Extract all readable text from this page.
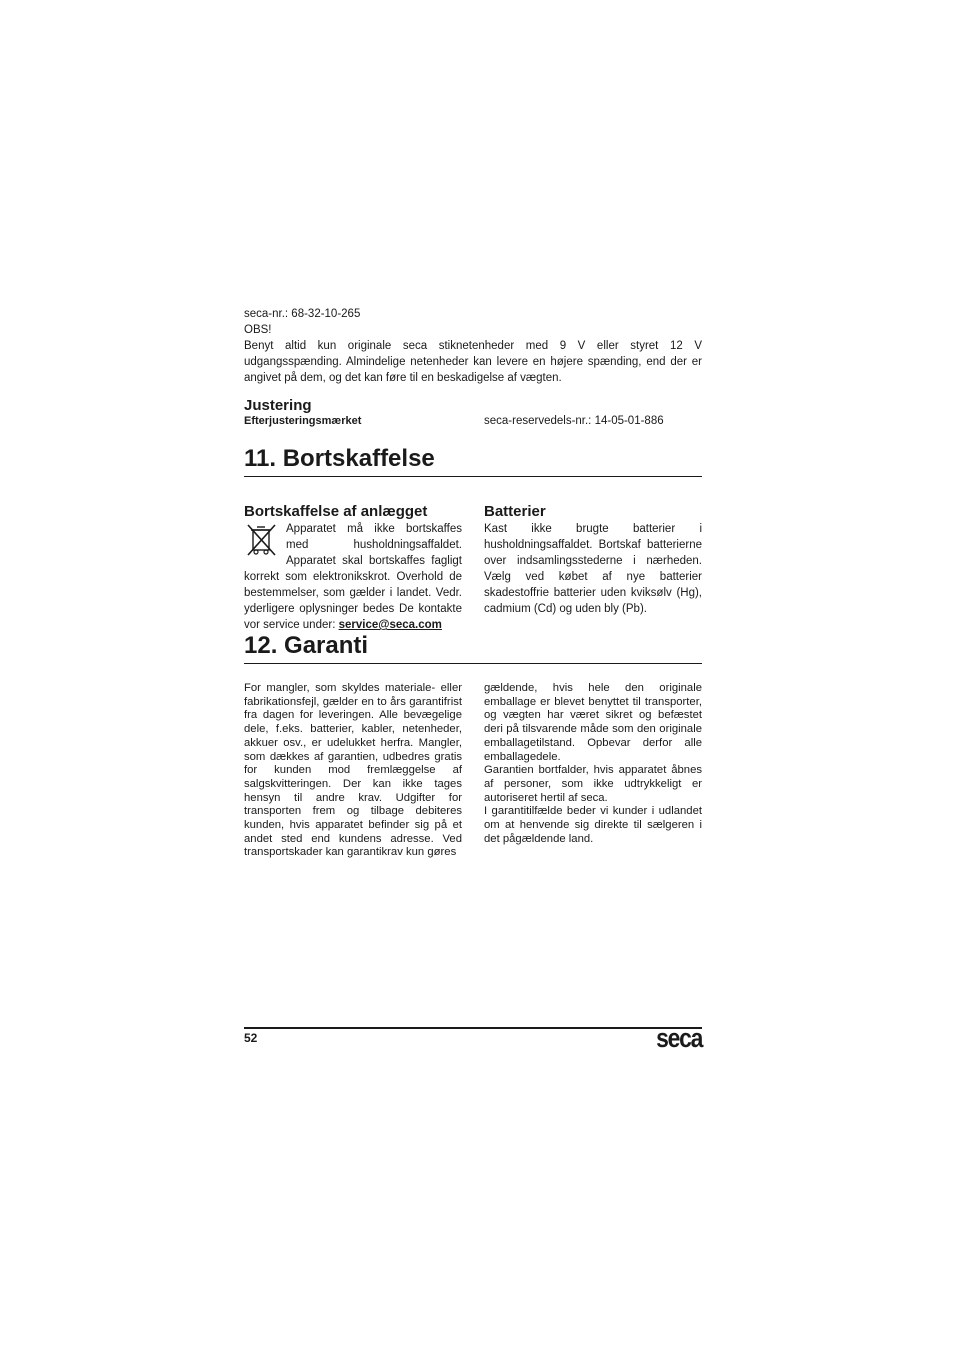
seca-nr.: 68-32-10-265

OBS!

Benyt altid kun originale seca stiknetenheder med 9 V eller styret 12 V udgangsspænding. Almindelige netenheder kan levere en højere spænding, end der er angivet på dem, og det kan føre til en beskadigelse af vægten.

Justering
Efterjusteringsmærket	seca-reservedels-nr.: 14-05-01-886
11. Bortskaffelse
Bortskaffelse af anlægget
Apparatet må ikke bortskaffes med husholdningsaffaldet. Apparatet skal bortskaffes fagligt korrekt som elektronikskrot. Overhold de bestemmelser, som gælder i landet. Vedr. yderligere oplysninger bedes De kontakte vor service under: service@seca.com
Batterier

Kast ikke brugte batterier i husholdningsaffaldet. Bortskaf batterierne over indsamlingsstederne i nærheden. Vælg ved købet af nye batterier skadestoffrie batterier uden kviksølv (Hg), cadmium (Cd) og uden bly (Pb).

12. Garanti

For mangler, som skyldes materiale- eller fabrikationsfejl, gælder en to års garantifrist fra dagen for leveringen. Alle bevægelige dele, f.eks. batterier, kabler, netenheder, akkuer osv., er udelukket herfra. Mangler, som dækkes af garantien, udbedres gratis for kunden mod fremlæggelse af salgskvitteringen. Der kan ikke tages hensyn til andre krav. Udgifter for transporten frem og tilbage debiteres kunden, hvis apparatet befinder sig på et andet sted end kundens adresse. Ved transportskader kan garantikrav kun gøres

gældende, hvis hele den originale emballage er blevet benyttet til transporter, og vægten har været sikret og befæstet deri på tilsvarende måde som den originale emballagetilstand. Opbevar derfor alle emballagedele.

Garantien bortfalder, hvis apparatet åbnes af personer, som ikke udtrykkeligt er autoriseret hertil af seca.

I garantitilfælde beder vi kunder i udlandet om at henvende sig direkte til sælgeren i det pågældende land.

52	seca
